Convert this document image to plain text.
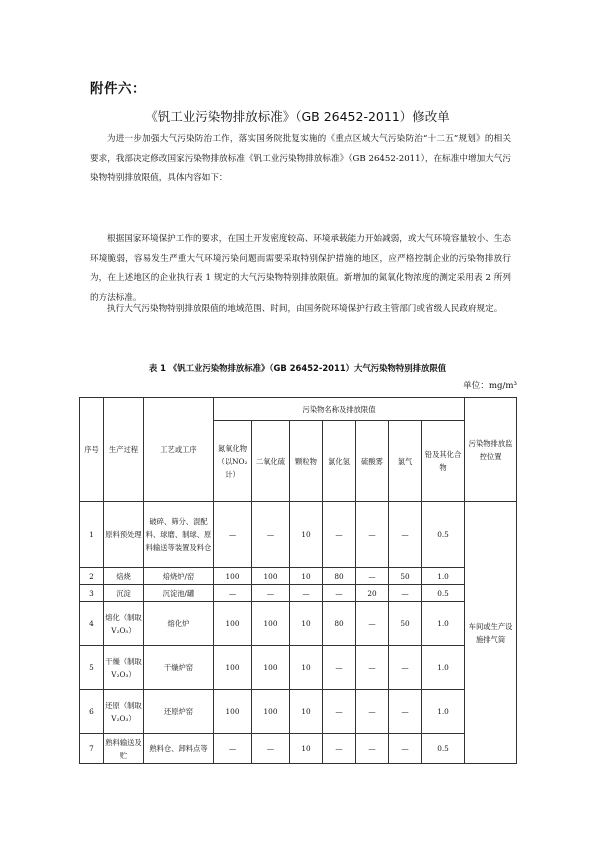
附件六：
《钒工业污染物排放标准》（GB 26452-2011）修改单

为进一步加强大气污染防治工作，落实国务院批复实施的《重点区域大气污染防治“十二五”规划》的相关要求，我部决定修改国家污染物排放标准《钒工业污染物排放标准》（GB 26452-2011），在标准中增加大气污染物特别排放限值，具体内容如下：

根据国家环境保护工作的要求，在国土开发密度较高、环境承载能力开始减弱，或大气环境容量较小、生态环境脆弱，容易发生严重大气环境污染问题而需要采取特别保护措施的地区，应严格控制企业的污染物排放行为，在上述地区的企业执行表 1 规定的大气污染物特别排放限值。新增加的氮氧化物浓度的测定采用表 2 所列的方法标准。

执行大气污染物特别排放限值的地域范围、时间，由国务院环境保护行政主管部门或省级人民政府规定。

表 1 《钒工业污染物排放标准》（GB 26452-2011）大气污染物特别排放限值
单位：mg/m³
序号	生产过程	工艺或工序	污染物名称及排放限值							污染物排放监控位置
			氮氧化物（以NO₂计）	二氧化硫	颗粒物	氯化氢	硫酸雾	氯气	铅及其化合物	
1	原料预处理	破碎、筛分、混配料、球磨、制球、原料输送等装置及料仓	—	—	10	—	—	—	0.5	车间或生产设施排气筒
2	焙烧	焙烧炉/窑	100	100	10	80	—	50	1.0	
3	沉淀	沉淀池/罐	—	—	—	—	20	—	0.5	
4	熔化（制取V₂O₅）	熔化炉	100	100	10	80	—	50	1.0	
5	干燥（制取V₂O₃）	干燥炉窑	100	100	10	—	—	—	1.0	
6	还原（制取V₂O₃）	还原炉窑	100	100	10	—	—	—	1.0	
7	熟料输送及贮	熟料仓、卸料点等	—	—	10	—	—	—	0.5	
